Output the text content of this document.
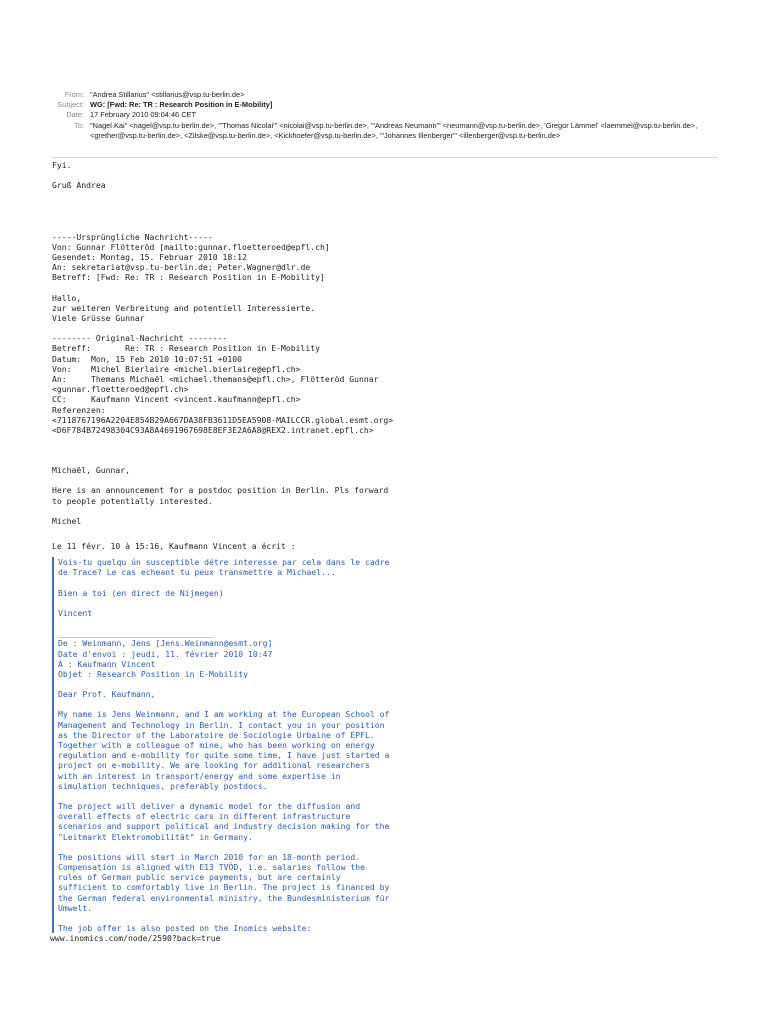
From: "Andrea Stillarius" <stillarius@vsp.tu-berlin.de>
Subject: WG: [Fwd: Re: TR : Research Position in E-Mobility]
Date: 17 February 2010 09:04:46 CET
To: "Nagel Kai" <nagel@vsp.tu-berlin.de>, "'Thomas Nicolai'" <nicolai@vsp.tu-berlin.de>, "'Andreas Neumann'" <neumann@vsp.tu-berlin.de>, 'Gregor Lämmel' <laemmel@vsp.tu-berlin.de>, <grether@vsp.tu-berlin.de>, <Zilske@vsp.tu-berlin.de>, <Kickhoefer@vsp.tu-berlin.de>, "'Johannes Illenberger'" <illenberger@vsp.tu-berlin.de>

Fyi.

Gruß Andrea

-----Ursprüngliche Nachricht-----
Von: Gunnar Flötteröd [mailto:gunnar.floetteroed@epfl.ch]
Gesendet: Montag, 15. Februar 2010 18:12
An: sekretariat@vsp.tu-berlin.de; Peter.Wagner@dlr.de
Betreff: [Fwd: Re: TR : Research Position in E-Mobility]

Hallo,
zur weiteren Verbreitung and potentiell Interessierte.
Viele Grüsse Gunnar

-------- Original-Nachricht --------
Betreff:       Re: TR : Research Position in E-Mobility
Datum:  Mon, 15 Feb 2010 10:07:51 +0100
Von:    Michel Bierlaire <michel.bierlaire@epfl.ch>
An:     Themans Michaël <michael.themans@epfl.ch>, Flötteröd Gunnar
<gunnar.floetteroed@epfl.ch>
CC:     Kaufmann Vincent <vincent.kaufmann@epfl.ch>
Referenzen:
<7118767196A2204E854B29A667DA38FB3611D5EA5908-MAILCCR.global.esmt.org>
<D6F784B72498304C93A8A4691967698E8EF3E2A6A8@REX2.intranet.epfl.ch>

Michaël, Gunnar,

Here is an announcement for a postdoc position in Berlin. Pls forward
to people potentially interested.

Michel

Le 11 févr. 10 à 15:16, Kaufmann Vincent a écrit :

Vois-tu quelqu ún susceptible détre interesse par cela dans le cadre
de Trace? Le cas echeant tu peux transmettre a Michael...

Bien a toi (en direct de Nijmegen)

Vincent

________________________________
De : Weinmann, Jens [Jens.Weinmann@esmt.org]
Date d'envoi : jeudi, 11. février 2010 10:47
À : Kaufmann Vincent
Objet : Research Position in E-Mobility

Dear Prof. Kaufmann,

My name is Jens Weinmann, and I am working at the European School of
Management and Technology in Berlin. I contact you in your position
as the Director of the Laboratoire de Sociologie Urbaine of EPFL.
Together with a colleague of mine, who has been working on energy
regulation and e-mobility for quite some time, I have just started a
project on e-mobility. We are looking for additional researchers
with an interest in transport/energy and some expertise in
simulation techniques, preferably postdocs.

The project will deliver a dynamic model for the diffusion and
overall effects of electric cars in different infrastructure
scenarios and support political and industry decision making for the
"Leitmarkt Elektromobilität" in Germany.

The positions will start in March 2010 for an 18-month period.
Compensation is aligned with E13 TVÖD, i.e. salaries follow the
rules of German public service payments, but are certainly
sufficient to comfortably live in Berlin. The project is financed by
the German federal environmental ministry, the Bundesministerium für
Umwelt.

The job offer is also posted on the Inomics website:

www.inomics.com/node/2590?back=true
